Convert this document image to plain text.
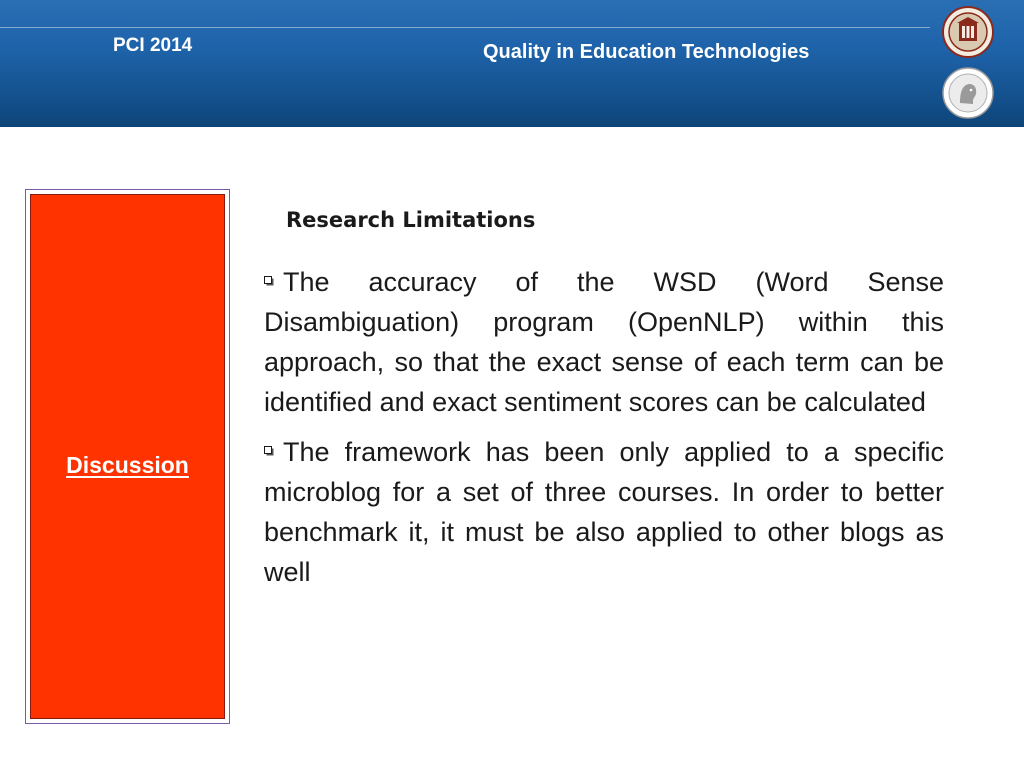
PCI 2014	Quality in Education Technologies
Discussion
Research Limitations
The accuracy of the WSD (Word Sense Disambiguation) program (OpenNLP) within this approach, so that the exact sense of each term can be identified and exact sentiment scores can be calculated
The framework has been only applied to a specific microblog for a set of three courses. In order to better benchmark it, it must be also applied to other blogs as well
